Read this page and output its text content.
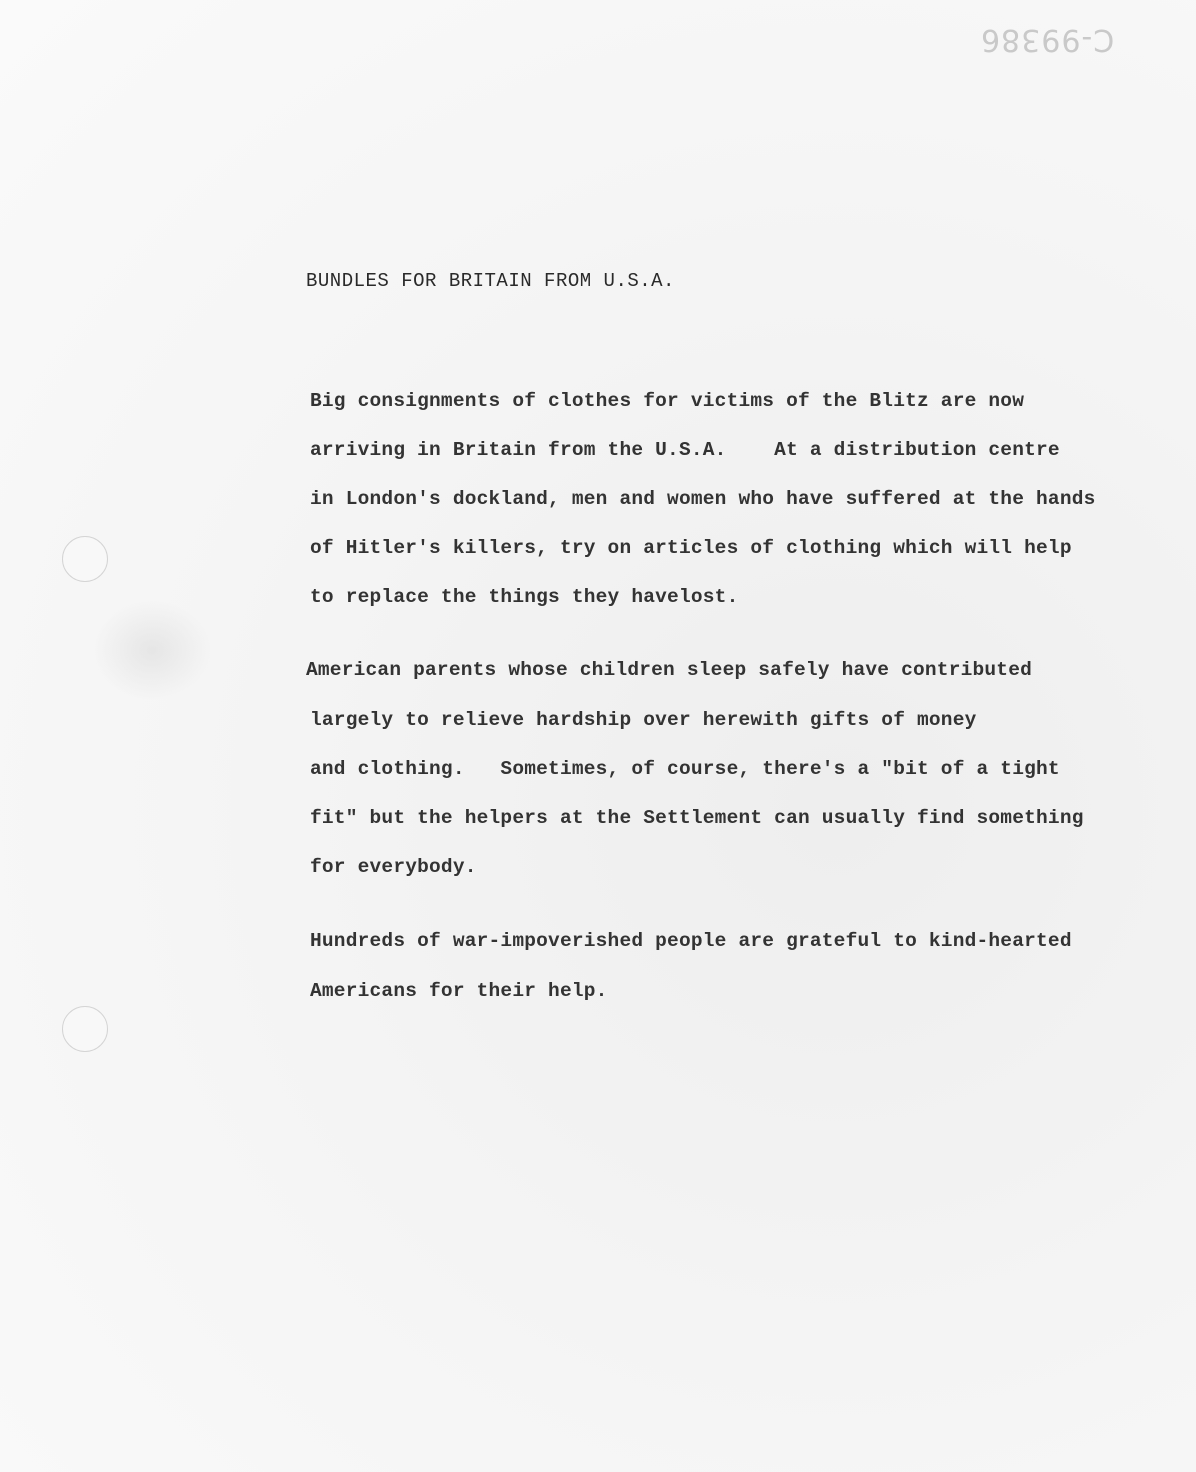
C-99386
BUNDLES FOR BRITAIN FROM U.S.A.
Big consignments of clothes for victims of the Blitz are now
arriving in Britain from the U.S.A.    At a distribution centre
in London's dockland, men and women who have suffered at the hands
of Hitler's killers, try on articles of clothing which will help
to replace the things they havelost.
American parents whose children sleep safely have contributed
largely to relieve hardship over herewith gifts of money
and clothing.   Sometimes, of course, there's a "bit of a tight
fit" but the helpers at the Settlement can usually find something
for everybody.
Hundreds of war-impoverished people are grateful to kind-hearted
Americans for their help.
